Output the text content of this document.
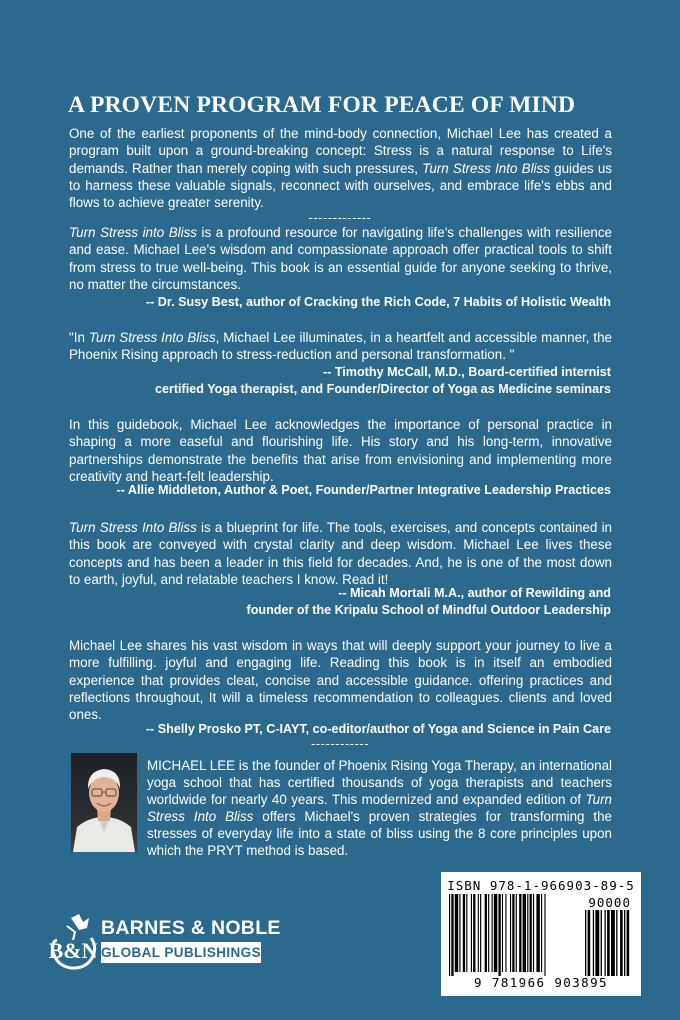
A PROVEN PROGRAM FOR PEACE OF MIND

One of the earliest proponents of the mind-body connection, Michael Lee has created a program built upon a ground-breaking concept: Stress is a natural response to Life's demands. Rather than merely coping with such pressures, Turn Stress Into Bliss guides us to harness these valuable signals, reconnect with ourselves, and embrace life's ebbs and flows to achieve greater serenity.

-------------

Turn Stress into Bliss is a profound resource for navigating life's challenges with resilience and ease. Michael Lee's wisdom and compassionate approach offer practical tools to shift from stress to true well-being. This book is an essential guide for anyone seeking to thrive, no matter the circumstances.

-- Dr. Susy Best, author of Cracking the Rich Code, 7 Habits of Holistic Wealth

"In Turn Stress Into Bliss, Michael Lee illuminates, in a heartfelt and accessible manner, the Phoenix Rising approach to stress-reduction and personal transformation. "

-- Timothy McCall, M.D., Board-certified internist
certified Yoga therapist, and Founder/Director of Yoga as Medicine seminars

In this guidebook, Michael Lee acknowledges the importance of personal practice in shaping a more easeful and flourishing life. His story and his long-term, innovative partnerships demonstrate the benefits that arise from envisioning and implementing more creativity and heart-felt leadership.

-- Allie Middleton, Author & Poet, Founder/Partner Integrative Leadership Practices

Turn Stress Into Bliss is a blueprint for life. The tools, exercises, and concepts contained in this book are conveyed with crystal clarity and deep wisdom. Michael Lee lives these concepts and has been a leader in this field for decades. And, he is one of the most down to earth, joyful, and relatable teachers I know. Read it!

-- Micah Mortali M.A., author of Rewilding and
founder of the Kripalu School of Mindful Outdoor Leadership

Michael Lee shares his vast wisdom in ways that will deeply support your journey to live a more fulfilling. joyful and engaging life. Reading this book is in itself an embodied experience that provides cleat, concise and accessible guidance. offering practices and reflections throughout, It will a timeless recommendation to colleagues. clients and loved ones.

-- Shelly Prosko PT, C-IAYT, co-editor/author of Yoga and Science in Pain Care
------------
MICHAEL LEE is the founder of Phoenix Rising Yoga Therapy, an international yoga school that has certified thousands of yoga therapists and teachers worldwide for nearly 40 years. This modernized and expanded edition of Turn Stress Into Bliss offers Michael's proven strategies for transforming the stresses of everyday life into a state of bliss using the 8 core principles upon which the PRYT method is based.
B&N
BARNES & NOBLE
GLOBAL PUBLISHINGS
ISBN 978-1-966903-89-5
90000
9 781966 903895
